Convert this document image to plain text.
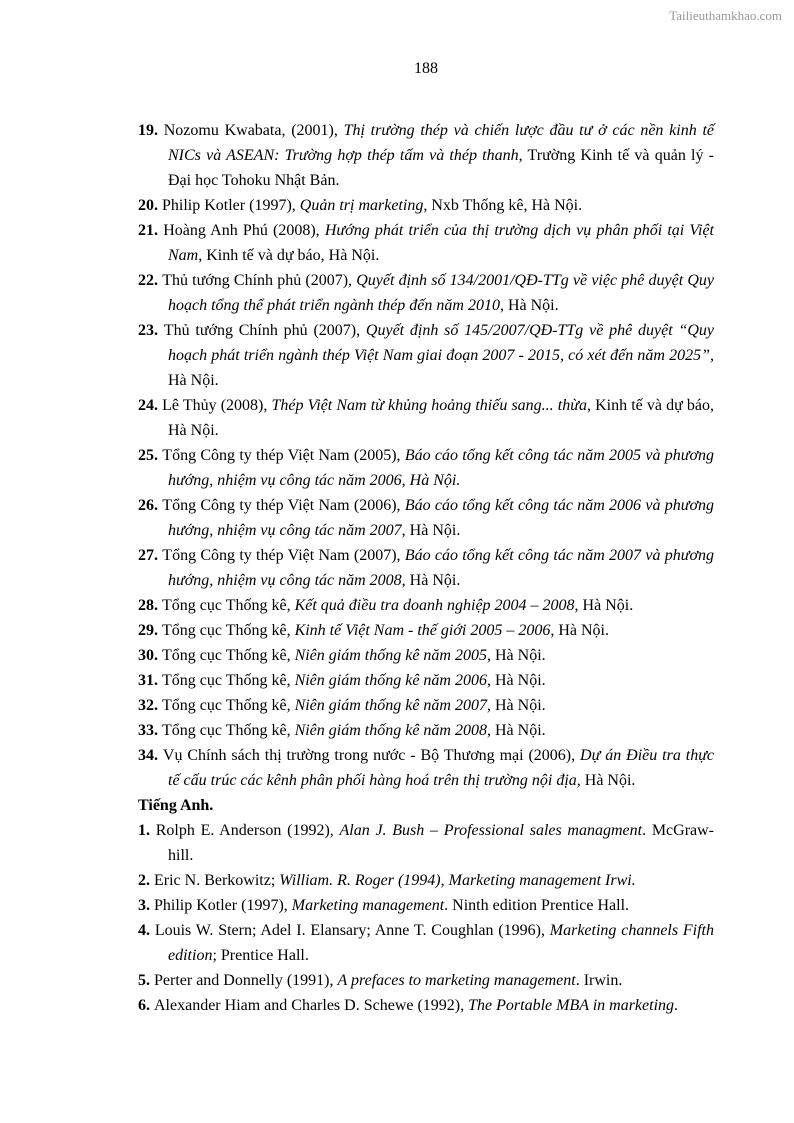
Tailieuthamkhao.com

188

19. Nozomu Kwabata, (2001), Thị trường thép và chiến lược đầu tư ở các nền kinh tế NICs và ASEAN: Trường hợp thép tấm và thép thanh, Trường Kinh tế và quản lý - Đại học Tohoku Nhật Bản.

20. Philip Kotler (1997), Quản trị marketing, Nxb Thống kê, Hà Nội.

21. Hoàng Anh Phú (2008), Hướng phát triển của thị trường dịch vụ phân phối tại Việt Nam, Kinh tế và dự báo, Hà Nội.

22. Thủ tướng Chính phủ (2007), Quyết định số 134/2001/QĐ-TTg về việc phê duyệt Quy hoạch tổng thể phát triển ngành thép đến năm 2010, Hà Nội.

23. Thủ tướng Chính phủ (2007), Quyết định số 145/2007/QĐ-TTg về phê duyệt “Quy hoạch phát triển ngành thép Việt Nam giai đoạn 2007 - 2015, có xét đến năm 2025”, Hà Nội.

24. Lê Thủy (2008), Thép Việt Nam từ khủng hoảng thiếu sang... thừa, Kinh tế và dự báo, Hà Nội.

25. Tổng Công ty thép Việt Nam (2005), Báo cáo tổng kết công tác năm 2005 và phương hướng, nhiệm vụ công tác năm 2006, Hà Nội.

26. Tổng Công ty thép Việt Nam (2006), Báo cáo tổng kết công tác năm 2006 và phương hướng, nhiệm vụ công tác năm 2007, Hà Nội.

27. Tổng Công ty thép Việt Nam (2007), Báo cáo tổng kết công tác năm 2007 và phương hướng, nhiệm vụ công tác năm 2008, Hà Nội.

28. Tổng cục Thống kê, Kết quả điều tra doanh nghiệp 2004 – 2008, Hà Nội.

29. Tổng cục Thống kê, Kinh tế Việt Nam - thế giới 2005 – 2006, Hà Nội.

30. Tổng cục Thống kê, Niên giám thống kê năm 2005, Hà Nội.

31. Tổng cục Thống kê, Niên giám thống kê năm 2006, Hà Nội.

32. Tổng cục Thống kê, Niên giám thống kê năm 2007, Hà Nội.

33. Tổng cục Thống kê, Niên giám thống kê năm 2008, Hà Nội.

34. Vụ Chính sách thị trường trong nước - Bộ Thương mại (2006), Dự án Điều tra thực tế cấu trúc các kênh phân phối hàng hoá trên thị trường nội địa, Hà Nội.

Tiếng Anh.

1. Rolph E. Anderson (1992), Alan J. Bush – Professional sales managment. McGraw-hill.

2. Eric N. Berkowitz; William. R. Roger (1994), Marketing management Irwi.

3. Philip Kotler (1997), Marketing management. Ninth edition Prentice Hall.

4. Louis W. Stern; Adel I. Elansary; Anne T. Coughlan (1996), Marketing channels Fifth edition; Prentice Hall.

5. Perter and Donnelly (1991), A prefaces to marketing management. Irwin.

6. Alexander Hiam and Charles D. Schewe (1992), The Portable MBA in marketing.
